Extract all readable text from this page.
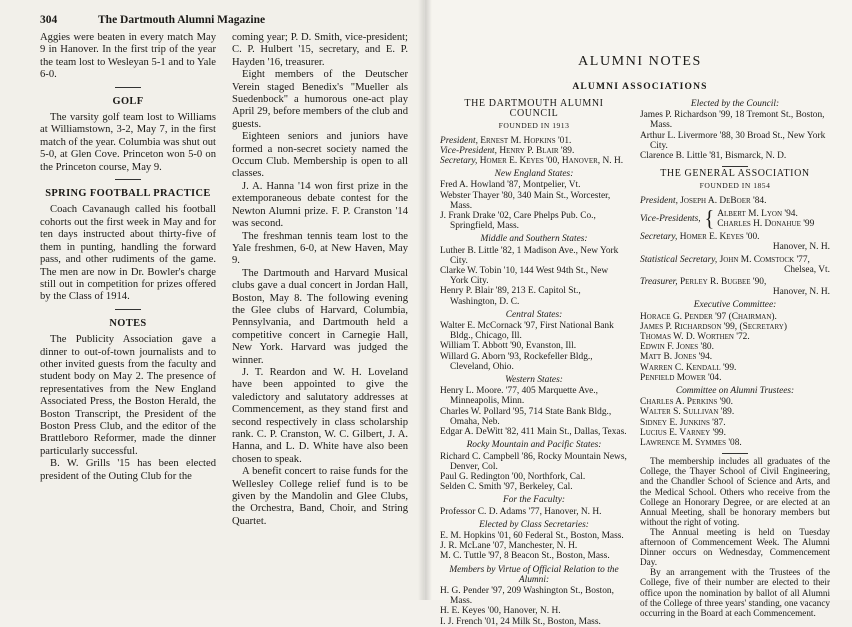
304	The Dartmouth Alumni Magazine

Aggies were beaten in every match May 9 in Hanover. In the first trip of the year the team lost to Wesleyan 5-1 and to Yale 6-0.

GOLF

The varsity golf team lost to Williams at Williamstown, 3-2, May 7, in the first match of the year. Columbia was shut out 5-0, at Glen Cove. Princeton won 5-0 on the Princeton course, May 9.

SPRING FOOTBALL PRACTICE

Coach Cavanaugh called his football cohorts out the first week in May and for ten days instructed about thirty-five of them in punting, handling the forward pass, and other rudiments of the game. The men are now in Dr. Bowler's charge still out in competition for prizes offered by the Class of 1914.

NOTES

The Publicity Association gave a dinner to out-of-town journalists and to other invited guests from the faculty and student body on May 2. The presence of representatives from the New England Associated Press, the Boston Herald, the Boston Transcript, the President of the Boston Press Club, and the editor of the Brattleboro Reformer, made the dinner particularly successful.

B. W. Grills '15 has been elected president of the Outing Club for the

coming year; P. D. Smith, vice-president; C. P. Hulbert '15, secretary, and E. P. Hayden '16, treasurer.

Eight members of the Deutscher Verein staged Benedix's "Mueller als Suedenbock" a humorous one-act play April 29, before members of the club and guests.

Eighteen seniors and juniors have formed a non-secret society named the Occum Club. Membership is open to all classes.

J. A. Hanna '14 won first prize in the extemporaneous debate contest for the Newton Alumni prize. F. P. Cranston '14 was second.

The freshman tennis team lost to the Yale freshmen, 6-0, at New Haven, May 9.

The Dartmouth and Harvard Musical clubs gave a dual concert in Jordan Hall, Boston, May 8. The following evening the Glee clubs of Harvard, Columbia, Pennsylvania, and Dartmouth held a competitive concert in Carnegie Hall, New York. Harvard was judged the winner.

J. T. Reardon and W. H. Loveland have been appointed to give the valedictory and salutatory addresses at Commencement, as they stand first and second respectively in class scholarship rank. C. P. Cranston, W. C. Gilbert, J. A. Hanna, and L. D. White have also been chosen to speak.

A benefit concert to raise funds for the Wellesley College relief fund is to be given by the Mandolin and Glee Clubs, the Orchestra, Band, Choir, and String Quartet.

ALUMNI NOTES
ALUMNI ASSOCIATIONS
THE DARTMOUTH ALUMNI COUNCIL
FOUNDED IN 1913
President, Ernest M. Hopkins '01.
Vice-President, Henry P. Blair '89.
Secretary, Homer E. Keyes '00, Hanover, N. H.
New England States:
Fred A. Howland '87, Montpelier, Vt.
Webster Thayer '80, 340 Main St., Worcester, Mass.
J. Frank Drake '02, Care Phelps Pub. Co., Springfield, Mass.
Middle and Southern States:
Luther B. Little '82, 1 Madison Ave., New York City.
Clarke W. Tobin '10, 144 West 94th St., New York City.
Henry P. Blair '89, 213 E. Capitol St., Washington, D. C.
Central States:
Walter E. McCornack '97, First National Bank Bldg., Chicago, Ill.
William T. Abbott '90, Evanston, Ill.
Willard G. Aborn '93, Rockefeller Bldg., Cleveland, Ohio.
Western States:
Henry L. Moore. '77, 405 Marquette Ave., Minneapolis, Minn.
Charles W. Pollard '95, 714 State Bank Bldg., Omaha, Neb.
Edgar A. DeWitt '82, 411 Main St., Dallas, Texas.
Rocky Mountain and Pacific States:
Richard C. Campbell '86, Rocky Mountain News, Denver, Col.
Paul G. Redington '00, Northfork, Cal.
Selden C. Smith '97, Berkeley, Cal.
For the Faculty:
Professor C. D. Adams '77, Hanover, N. H.
Elected by Class Secretaries:
E. M. Hopkins '01, 60 Federal St., Boston, Mass.
J. R. McLane '07, Manchester, N. H.
M. C. Tuttle '97, 8 Beacon St., Boston, Mass.
Members by Virtue of Official Relation to the Alumni:
H. G. Pender '97, 209 Washington St., Boston, Mass.
H. E. Keyes '00, Hanover, N. H.
I. J. French '01, 24 Milk St., Boston, Mass.
Elected by the Council:
James P. Richardson '99, 18 Tremont St., Boston, Mass.
Arthur L. Livermore '88, 30 Broad St., New York City.
Clarence B. Little '81, Bismarck, N. D.
THE GENERAL ASSOCIATION
FOUNDED IN 1854
President, Joseph A. DeBoer '84.
Vice-Presidents, { Albert M. Lyon '94.
Charles H. Donahue '99
Secretary, Homer E. Keyes '00.
Hanover, N. H.
Statistical Secretary, John M. Comstock '77,
Chelsea, Vt.
Treasurer, Perley R. Bugbee '90,
Hanover, N. H.
Executive Committee:
Horace G. Pender '97 (Chairman).
James P. Richardson '99, (Secretary)
Thomas W. D. Worthen '72.
Edwin F. Jones '80.
Matt B. Jones '94.
Warren C. Kendall '99.
Penfield Mower '04.
Committee on Alumni Trustees:
Charles A. Perkins '90.
Walter S. Sullivan '89.
Sidney E. Junkins '87.
Lucius E. Varney '99.
Lawrence M. Symmes '08.

The membership includes all graduates of the College, the Thayer School of Civil Engineering, and the Chandler School of Science and Arts, and the Medical School. Others who receive from the College an Honorary Degree, or are elected at an Annual Meeting, shall be honorary members but without the right of voting.

The Annual meeting is held on Tuesday afternoon of Commencement Week. The Alumni Dinner occurs on Wednesday, Commencement Day.

By an arrangement with the Trustees of the College, five of their number are elected to their office upon the nomination by ballot of all Alumni of the College of three years' standing, one vacancy occurring in the Board at each Commencement.
